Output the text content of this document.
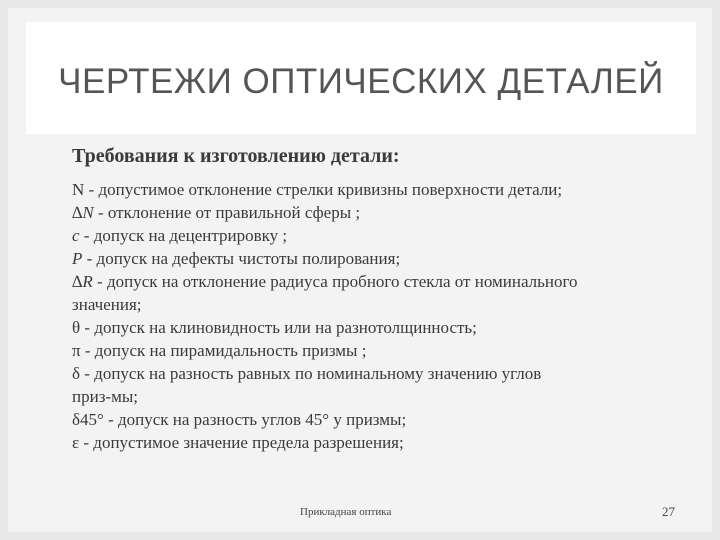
ЧЕРТЕЖИ ОПТИЧЕСКИХ ДЕТАЛЕЙ
Требования к изготовлению детали:
N - допустимое отклонение стрелки кривизны поверхности детали;
∆N - отклонение от правильной сферы ;
c - допуск на децентрировку ;
P - допуск на дефекты чистоты полирования;
∆R - допуск на отклонение радиуса пробного стекла от номинального
значения;
θ - допуск на клиновидность или на разнотолщинность;
π - допуск на пирамидальность призмы ;
δ - допуск на разность равных по номинальному значению углов
приз-мы;
δ45° - допуск на разность углов 45° у призмы;
ε - допустимое значение предела разрешения;
Прикладная оптика	27
